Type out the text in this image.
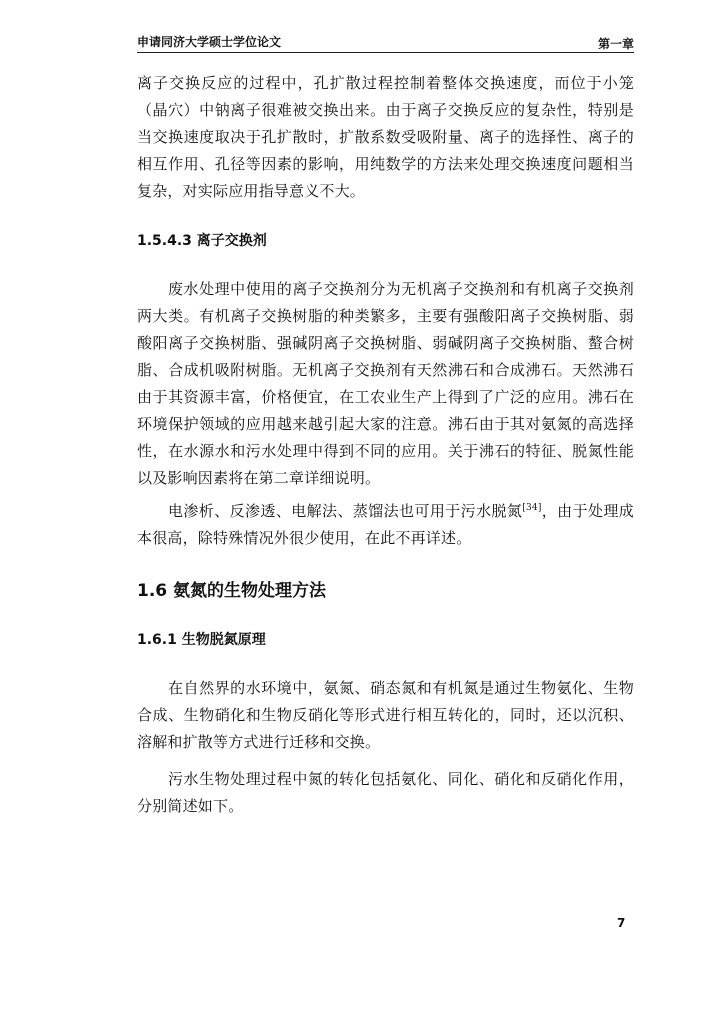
申请同济大学硕士学位论文	第一章

离子交换反应的过程中，孔扩散过程控制着整体交换速度，而位于小笼（晶穴）中钠离子很难被交换出来。由于离子交换反应的复杂性，特别是当交换速度取决于孔扩散时，扩散系数受吸附量、离子的选择性、离子的相互作用、孔径等因素的影响，用纯数学的方法来处理交换速度问题相当复杂，对实际应用指导意义不大。

1.5.4.3 离子交换剂

废水处理中使用的离子交换剂分为无机离子交换剂和有机离子交换剂两大类。有机离子交换树脂的种类繁多，主要有强酸阳离子交换树脂、弱酸阳离子交换树脂、强碱阴离子交换树脂、弱碱阴离子交换树脂、螯合树脂、合成机吸附树脂。无机离子交换剂有天然沸石和合成沸石。天然沸石由于其资源丰富，价格便宜，在工农业生产上得到了广泛的应用。沸石在环境保护领域的应用越来越引起大家的注意。沸石由于其对氨氮的高选择性，在水源水和污水处理中得到不同的应用。关于沸石的特征、脱氮性能以及影响因素将在第二章详细说明。

电渗析、反渗透、电解法、蒸馏法也可用于污水脱氮[34]，由于处理成本很高，除特殊情况外很少使用，在此不再详述。

1.6 氨氮的生物处理方法
1.6.1 生物脱氮原理

在自然界的水环境中，氨氮、硝态氮和有机氮是通过生物氨化、生物合成、生物硝化和生物反硝化等形式进行相互转化的，同时，还以沉积、溶解和扩散等方式进行迁移和交换。

污水生物处理过程中氮的转化包括氨化、同化、硝化和反硝化作用，分别简述如下。

7
